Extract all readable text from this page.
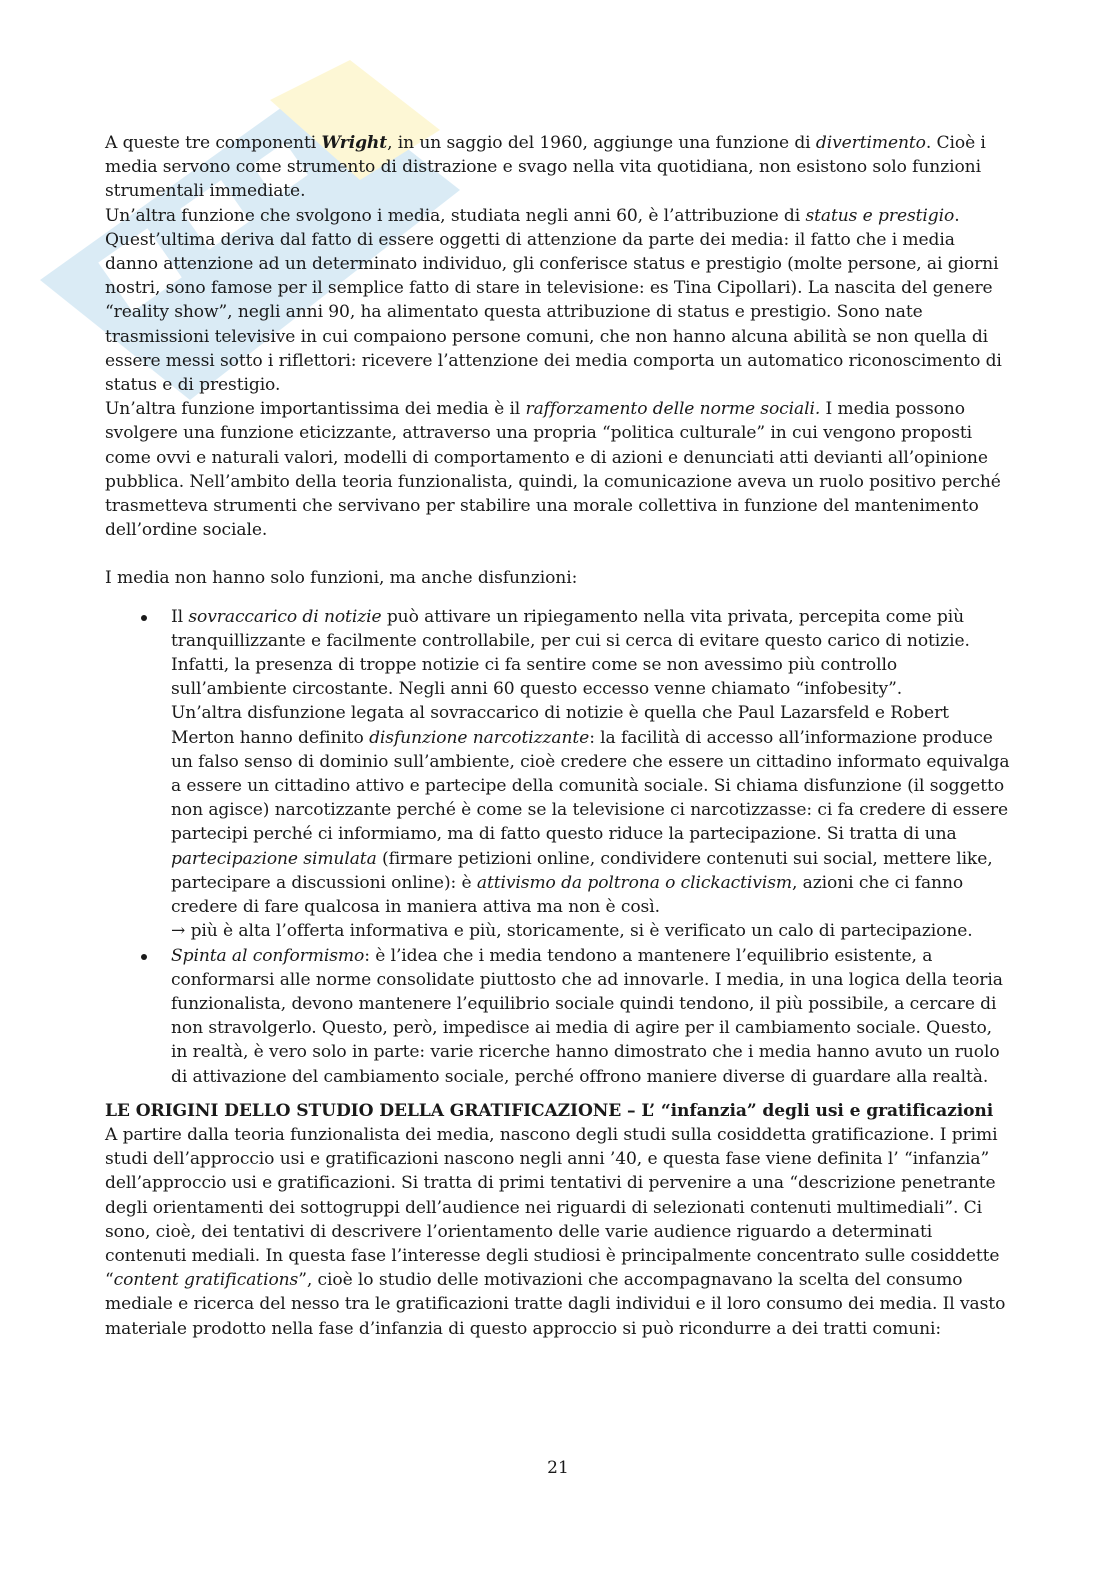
A queste tre componenti Wright, in un saggio del 1960, aggiunge una funzione di divertimento. Cioè i media servono come strumento di distrazione e svago nella vita quotidiana, non esistono solo funzioni strumentali immediate.

Un’altra funzione che svolgono i media, studiata negli anni 60, è l’attribuzione di status e prestigio. Quest’ultima deriva dal fatto di essere oggetti di attenzione da parte dei media: il fatto che i media danno attenzione ad un determinato individuo, gli conferisce status e prestigio (molte persone, ai giorni nostri, sono famose per il semplice fatto di stare in televisione: es Tina Cipollari). La nascita del genere “reality show”, negli anni 90, ha alimentato questa attribuzione di status e prestigio. Sono nate trasmissioni televisive in cui compaiono persone comuni, che non hanno alcuna abilità se non quella di essere messi sotto i riflettori: ricevere l’attenzione dei media comporta un automatico riconoscimento di status e di prestigio.

Un’altra funzione importantissima dei media è il rafforzamento delle norme sociali. I media possono svolgere una funzione eticizzante, attraverso una propria “politica culturale” in cui vengono proposti come ovvi e naturali valori, modelli di comportamento e di azioni e denunciati atti devianti all’opinione pubblica. Nell’ambito della teoria funzionalista, quindi, la comunicazione aveva un ruolo positivo perché trasmetteva strumenti che servivano per stabilire una morale collettiva in funzione del mantenimento dell’ordine sociale.

I media non hanno solo funzioni, ma anche disfunzioni:

Il sovraccarico di notizie può attivare un ripiegamento nella vita privata, percepita come più tranquillizzante e facilmente controllabile, per cui si cerca di evitare questo carico di notizie. Infatti, la presenza di troppe notizie ci fa sentire come se non avessimo più controllo sull’ambiente circostante. Negli anni 60 questo eccesso venne chiamato “infobesity”.
Un’altra disfunzione legata al sovraccarico di notizie è quella che Paul Lazarsfeld e Robert Merton hanno definito disfunzione narcotizzante: la facilità di accesso all’informazione produce un falso senso di dominio sull’ambiente, cioè credere che essere un cittadino informato equivalga a essere un cittadino attivo e partecipe della comunità sociale. Si chiama disfunzione (il soggetto non agisce) narcotizzante perché è come se la televisione ci narcotizzasse: ci fa credere di essere partecipi perché ci informiamo, ma di fatto questo riduce la partecipazione. Si tratta di una partecipazione simulata (firmare petizioni online, condividere contenuti sui social, mettere like, partecipare a discussioni online): è attivismo da poltrona o clickactivism, azioni che ci fanno credere di fare qualcosa in maniera attiva ma non è così.
→ più è alta l’offerta informativa e più, storicamente, si è verificato un calo di partecipazione.
Spinta al conformismo: è l’idea che i media tendono a mantenere l’equilibrio esistente, a conformarsi alle norme consolidate piuttosto che ad innovarle. I media, in una logica della teoria funzionalista, devono mantenere l’equilibrio sociale quindi tendono, il più possibile, a cercare di non stravolgerlo. Questo, però, impedisce ai media di agire per il cambiamento sociale. Questo, in realtà, è vero solo in parte: varie ricerche hanno dimostrato che i media hanno avuto un ruolo di attivazione del cambiamento sociale, perché offrono maniere diverse di guardare alla realtà.

LE ORIGINI DELLO STUDIO DELLA GRATIFICAZIONE – L’ “infanzia” degli usi e gratificazioni

A partire dalla teoria funzionalista dei media, nascono degli studi sulla cosiddetta gratificazione. I primi studi dell’approccio usi e gratificazioni nascono negli anni ’40, e questa fase viene definita l’ “infanzia” dell’approccio usi e gratificazioni. Si tratta di primi tentativi di pervenire a una “descrizione penetrante degli orientamenti dei sottogruppi dell’audience nei riguardi di selezionati contenuti multimediali”. Ci sono, cioè, dei tentativi di descrivere l’orientamento delle varie audience riguardo a determinati contenuti mediali. In questa fase l’interesse degli studiosi è principalmente concentrato sulle cosiddette “content gratifications”, cioè lo studio delle motivazioni che accompagnavano la scelta del consumo mediale e ricerca del nesso tra le gratificazioni tratte dagli individui e il loro consumo dei media. Il vasto materiale prodotto nella fase d’infanzia di questo approccio si può ricondurre a dei tratti comuni:

21
